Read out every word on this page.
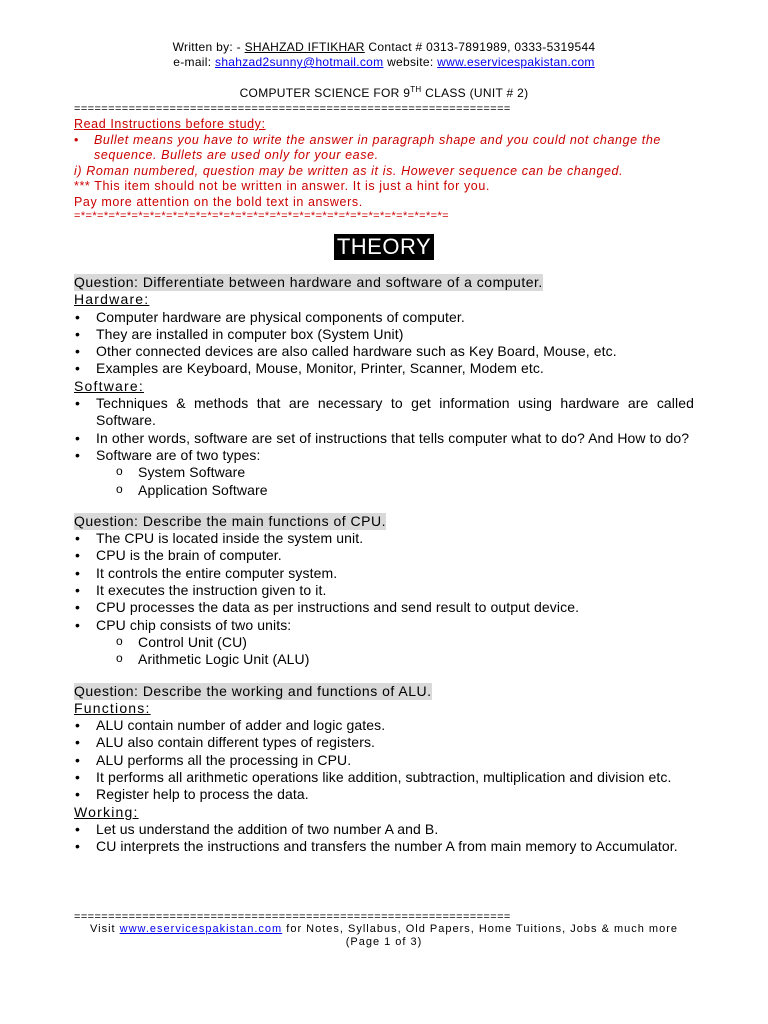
Written by: - SHAHZAD IFTIKHAR Contact # 0313-7891989, 0333-5319544
e-mail: shahzad2sunny@hotmail.com website: www.eservicespakistan.com
COMPUTER SCIENCE FOR 9TH CLASS (UNIT # 2)
================================================================
Read Instructions before study:
•	Bullet means you have to write the answer in paragraph shape and you could not change the sequence. Bullets are used only for your ease.
i) Roman numbered, question may be written as it is. However sequence can be changed.
*** This item should not be written in answer. It is just a hint for you.
Pay more attention on the bold text in answers.
=*=*=*=*=*=*=*=*=*=*=*=*=*=*=*=*=*=*=*=*=*=*=*=*=*=*=*=*=*=*=*=*=
THEORY
Question: Differentiate between hardware and software of a computer.
Hardware:
• Computer hardware are physical components of computer.
• They are installed in computer box (System Unit)
• Other connected devices are also called hardware such as Key Board, Mouse, etc.
• Examples are Keyboard, Mouse, Monitor, Printer, Scanner, Modem etc.
Software:
• Techniques & methods that are necessary to get information using hardware are called Software.
• In other words, software are set of instructions that tells computer what to do? And How to do?
• Software are of two types:
o System Software
o Application Software
Question: Describe the main functions of CPU.
• The CPU is located inside the system unit.
• CPU is the brain of computer.
• It controls the entire computer system.
• It executes the instruction given to it.
• CPU processes the data as per instructions and send result to output device.
• CPU chip consists of two units:
o Control Unit (CU)
o Arithmetic Logic Unit (ALU)
Question: Describe the working and functions of ALU.
Functions:
• ALU contain number of adder and logic gates.
• ALU also contain different types of registers.
• ALU performs all the processing in CPU.
• It performs all arithmetic operations like addition, subtraction, multiplication and division etc.
• Register help to process the data.
Working:
• Let us understand the addition of two number A and B.
• CU interprets the instructions and transfers the number A from main memory to Accumulator.
================================================================
Visit www.eservicespakistan.com for Notes, Syllabus, Old Papers, Home Tuitions, Jobs & much more
(Page 1 of 3)
